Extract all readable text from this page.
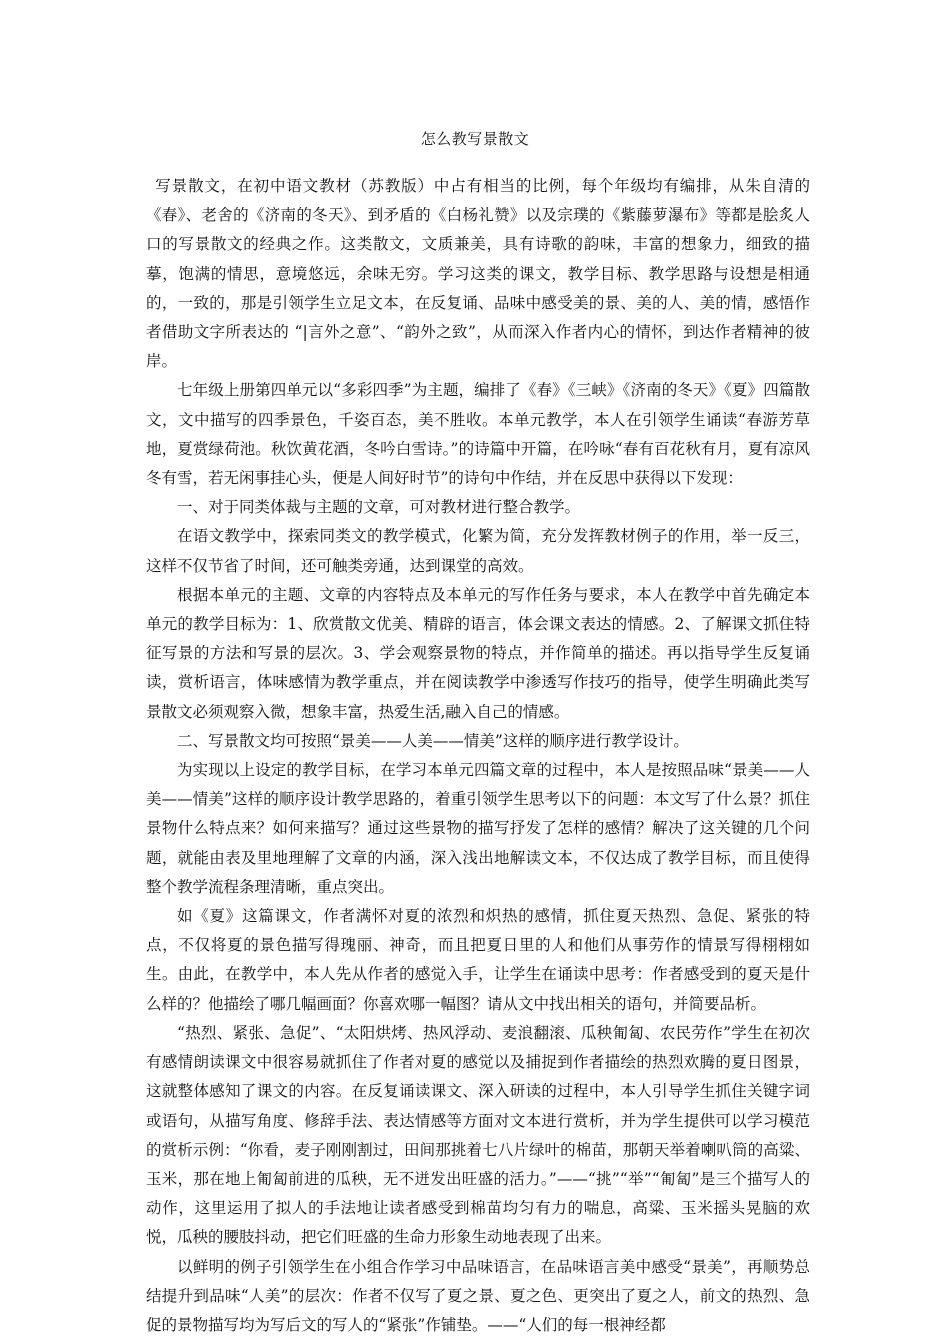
怎么教写景散文

写景散文，在初中语文教材（苏教版）中占有相当的比例，每个年级均有编排，从朱自清的《春》、老舍的《济南的冬天》、到矛盾的《白杨礼赞》以及宗璞的《紫藤萝瀑布》等都是脍炙人口的写景散文的经典之作。这类散文，文质兼美，具有诗歌的韵味，丰富的想象力，细致的描摹，饱满的情思，意境悠远，余味无穷。学习这类的课文，教学目标、教学思路与设想是相通的，一致的，那是引领学生立足文本，在反复诵、品味中感受美的景、美的人、美的情，感悟作者借助文字所表达的 “|言外之意”、“韵外之致”，从而深入作者内心的情怀，到达作者精神的彼岸。

七年级上册第四单元以“多彩四季”为主题，编排了《春》《三峡》《济南的冬天》《夏》四篇散文，文中描写的四季景色，千姿百态，美不胜收。本单元教学，本人在引领学生诵读“春游芳草地，夏赏绿荷池。秋饮黄花酒，冬吟白雪诗。”的诗篇中开篇，在吟咏“春有百花秋有月，夏有凉风冬有雪，若无闲事挂心头，便是人间好时节”的诗句中作结，并在反思中获得以下发现：

一、对于同类体裁与主题的文章，可对教材进行整合教学。

在语文教学中，探索同类文的教学模式，化繁为简，充分发挥教材例子的作用，举一反三，这样不仅节省了时间，还可触类旁通，达到课堂的高效。

根据本单元的主题、文章的内容特点及本单元的写作任务与要求，本人在教学中首先确定本单元的教学目标为：1、欣赏散文优美、精辟的语言，体会课文表达的情感。2、了解课文抓住特征写景的方法和写景的层次。3、学会观察景物的特点，并作简单的描述。再以指导学生反复诵读，赏析语言，体味感情为教学重点，并在阅读教学中渗透写作技巧的指导，使学生明确此类写景散文必须观察入微，想象丰富，热爱生活,融入自己的情感。

二、写景散文均可按照“景美——人美——情美”这样的顺序进行教学设计。

为实现以上设定的教学目标，在学习本单元四篇文章的过程中，本人是按照品味“景美——人美——情美”这样的顺序设计教学思路的，着重引领学生思考以下的问题：本文写了什么景？抓住景物什么特点来？如何来描写？通过这些景物的描写抒发了怎样的感情？解决了这关键的几个问题，就能由表及里地理解了文章的内涵，深入浅出地解读文本，不仅达成了教学目标，而且使得整个教学流程条理清晰，重点突出。

如《夏》这篇课文，作者满怀对夏的浓烈和炽热的感情，抓住夏天热烈、急促、紧张的特点，不仅将夏的景色描写得瑰丽、神奇，而且把夏日里的人和他们从事劳作的情景写得栩栩如生。由此，在教学中，本人先从作者的感觉入手，让学生在诵读中思考：作者感受到的夏天是什么样的？他描绘了哪几幅画面？你喜欢哪一幅图？请从文中找出相关的语句，并简要品析。

“热烈、紧张、急促”、“太阳烘烤、热风浮动、麦浪翻滚、瓜秧匍匐、农民劳作”学生在初次有感情朗读课文中很容易就抓住了作者对夏的感觉以及捕捉到作者描绘的热烈欢腾的夏日图景，这就整体感知了课文的内容。在反复诵读课文、深入研读的过程中，本人引导学生抓住关键字词或语句，从描写角度、修辞手法、表达情感等方面对文本进行赏析，并为学生提供可以学习模范的赏析示例：“你看，麦子刚刚割过，田间那挑着七八片绿叶的棉苗，那朝天举着喇叭筒的高粱、玉米，那在地上匍匐前进的瓜秧，无不迸发出旺盛的活力。”——“挑”“举”“匍匐”是三个描写人的动作，这里运用了拟人的手法地让读者感受到棉苗均匀有力的喘息，高粱、玉米摇头晃脑的欢悦，瓜秧的腰肢抖动，把它们旺盛的生命力形象生动地表现了出来。

以鲜明的例子引领学生在小组合作学习中品味语言，在品味语言美中感受“景美”，再顺势总结提升到品味“人美”的层次：作者不仅写了夏之景、夏之色、更突出了夏之人，前文的热烈、急促的景物描写均为写后文的写人的“紧张”作铺垫。——“人们的每一根神经都
